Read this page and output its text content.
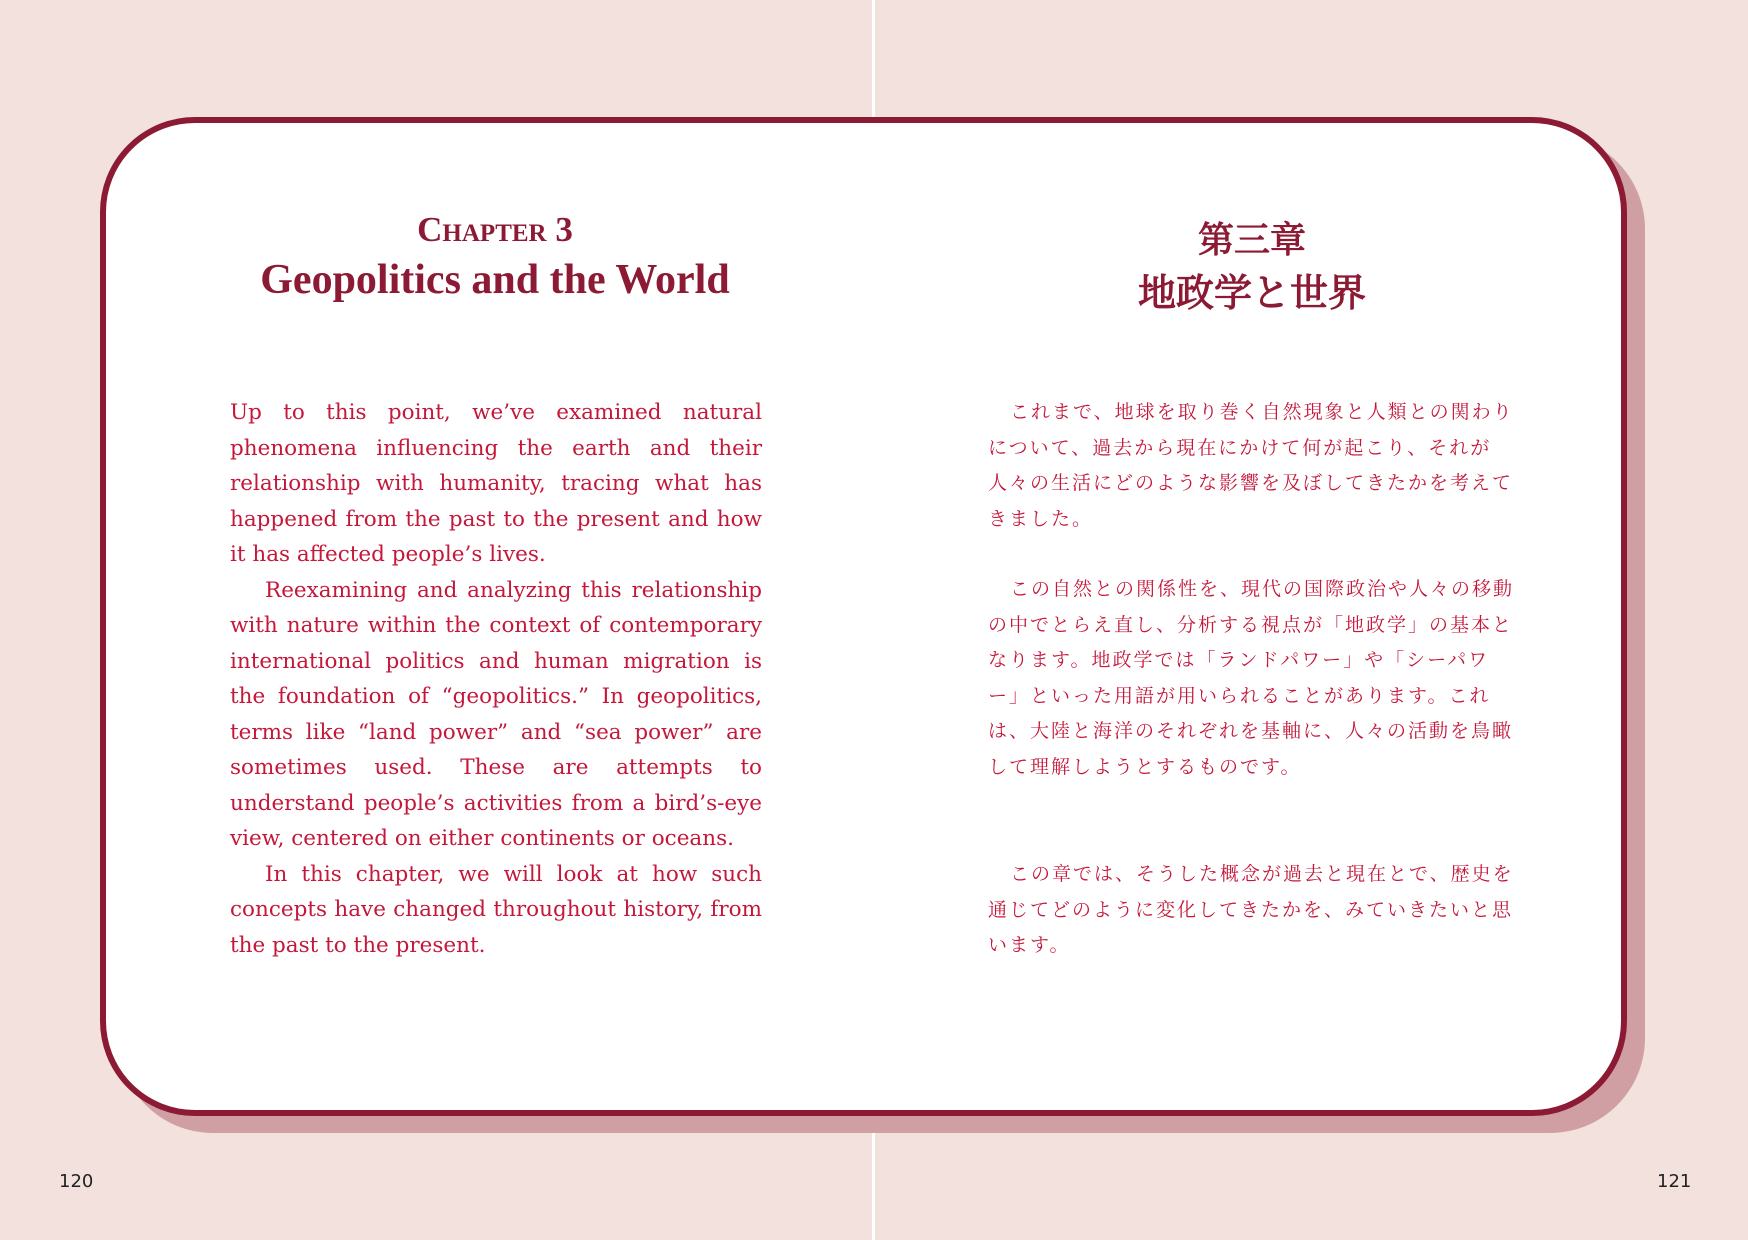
Chapter 3
Geopolitics and the World
第三章
地政学と世界

Up to this point, we’ve examined natural phenomena influencing the earth and their relationship with humanity, tracing what has happened from the past to the present and how it has affected people’s lives.

Reexamining and analyzing this relationship with nature within the context of contemporary international politics and human migration is the foundation of “geopolitics.” In geopolitics, terms like “land power” and “sea power” are sometimes used. These are attempts to understand people’s activities from a bird’s-eye view, centered on either continents or oceans.

In this chapter, we will look at how such concepts have changed throughout history, from the past to the present.

これまで、地球を取り巻く自然現象と人類との関わりについて、過去から現在にかけて何が起こり、それが人々の生活にどのような影響を及ぼしてきたかを考えてきました。

この自然との関係性を、現代の国際政治や人々の移動の中でとらえ直し、分析する視点が「地政学」の基本となります。地政学では「ランドパワー」や「シーパワー」といった用語が用いられることがあります。これは、大陸と海洋のそれぞれを基軸に、人々の活動を鳥瞰して理解しようとするものです。

この章では、そうした概念が過去と現在とで、歴史を通じてどのように変化してきたかを、みていきたいと思います。

120	121
